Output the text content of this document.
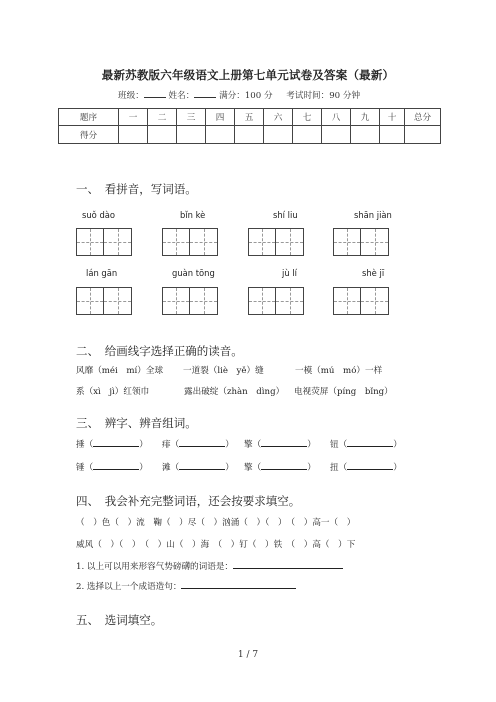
最新苏教版六年级语文上册第七单元试卷及答案（最新）
班级：	姓名：	满分：100 分 考试时间：90 分钟
题序	一	二	三	四	五	六	七	八	九	十	总分
得分											
一、　看拼音，写词语。
suǒ dào	bǐn kè	shí liu	shān jiàn
lán gān	guàn tōng	jù lí	shè jī
二、　给画线字选择正确的读音。
风靡（méi　mí）全球 一道裂（liè　yě）缝	一模（mú　mó）一样
系（xì　jì）红领巾	露出破绽（zhàn　dìng） 电视荧屏（píng　bǐng）
三、　辨字、辨音组词。
捶（	） 痱（	） 擎（	） 钮（	）
锤（	） 滩（	） 擎（	） 扭（	）
四、　我会补充完整词语，还会按要求填空。
（　）色（　）流　鞠（　）尽（　）汹涌（　）（　）　（　）高一（　）
威风（　）（　）　（　）山（　）海　（　）钉（　）铁　（　）高（　）下
1. 以上可以用来形容气势磅礴的词语是：
2. 选择以上一个成语造句：
五、　选词填空。
1 / 7
